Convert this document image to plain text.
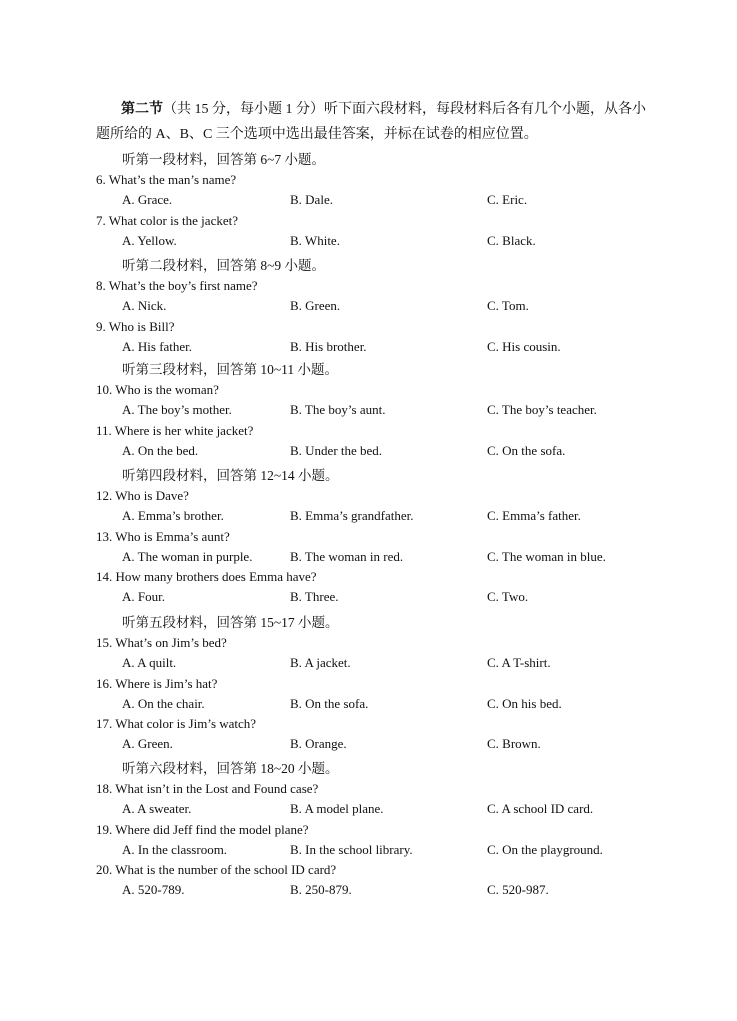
第二节（共 15 分，每小题 1 分）听下面六段材料，每段材料后各有几个小题，从各小题所给的 A、B、C 三个选项中选出最佳答案，并标在试卷的相应位置。
听第一段材料，回答第 6~7 小题。
6. What’s the man’s name?
A. Grace.	B. Dale.	C. Eric.
7. What color is the jacket?
A. Yellow.	B. White.	C. Black.
听第二段材料，回答第 8~9 小题。
8. What’s the boy’s first name?
A. Nick.	B. Green.	C. Tom.
9. Who is Bill?
A. His father.	B. His brother.	C. His cousin.
听第三段材料，回答第 10~11 小题。
10. Who is the woman?
A. The boy’s mother.	B. The boy’s aunt.	C. The boy’s teacher.
11. Where is her white jacket?
A. On the bed.	B. Under the bed.	C. On the sofa.
听第四段材料，回答第 12~14 小题。
12. Who is Dave?
A. Emma’s brother.	B. Emma’s grandfather.	C. Emma’s father.
13. Who is Emma’s aunt?
A. The woman in purple.	B. The woman in red.	C. The woman in blue.
14. How many brothers does Emma have?
A. Four.	B. Three.	C. Two.
听第五段材料，回答第 15~17 小题。
15. What’s on Jim’s bed?
A. A quilt.	B. A jacket.	C. A T-shirt.
16. Where is Jim’s hat?
A. On the chair.	B. On the sofa.	C. On his bed.
17. What color is Jim’s watch?
A. Green.	B. Orange.	C. Brown.
听第六段材料，回答第 18~20 小题。
18. What isn’t in the Lost and Found case?
A. A sweater.	B. A model plane.	C. A school ID card.
19. Where did Jeff find the model plane?
A. In the classroom.	B. In the school library.	C. On the playground.
20. What is the number of the school ID card?
A. 520-789.	B. 250-879.	C. 520-987.
